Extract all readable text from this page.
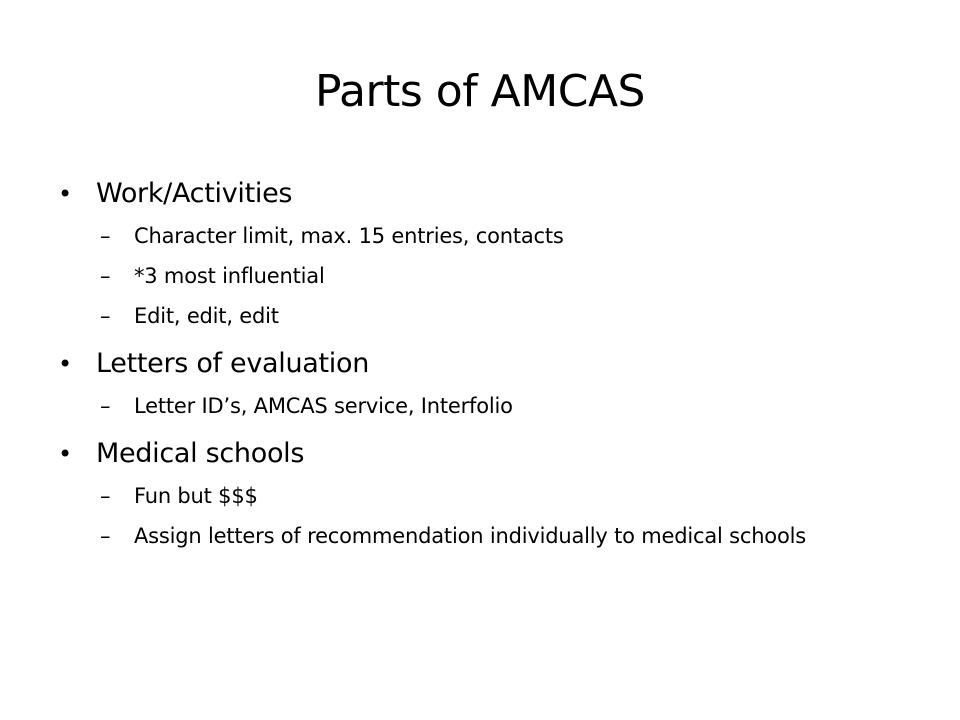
Parts of AMCAS
• Work/Activities
– Character limit, max. 15 entries, contacts
– *3 most influential
– Edit, edit, edit
• Letters of evaluation
– Letter ID’s, AMCAS service, Interfolio
• Medical schools
– Fun but $$$
– Assign letters of recommendation individually to medical schools
